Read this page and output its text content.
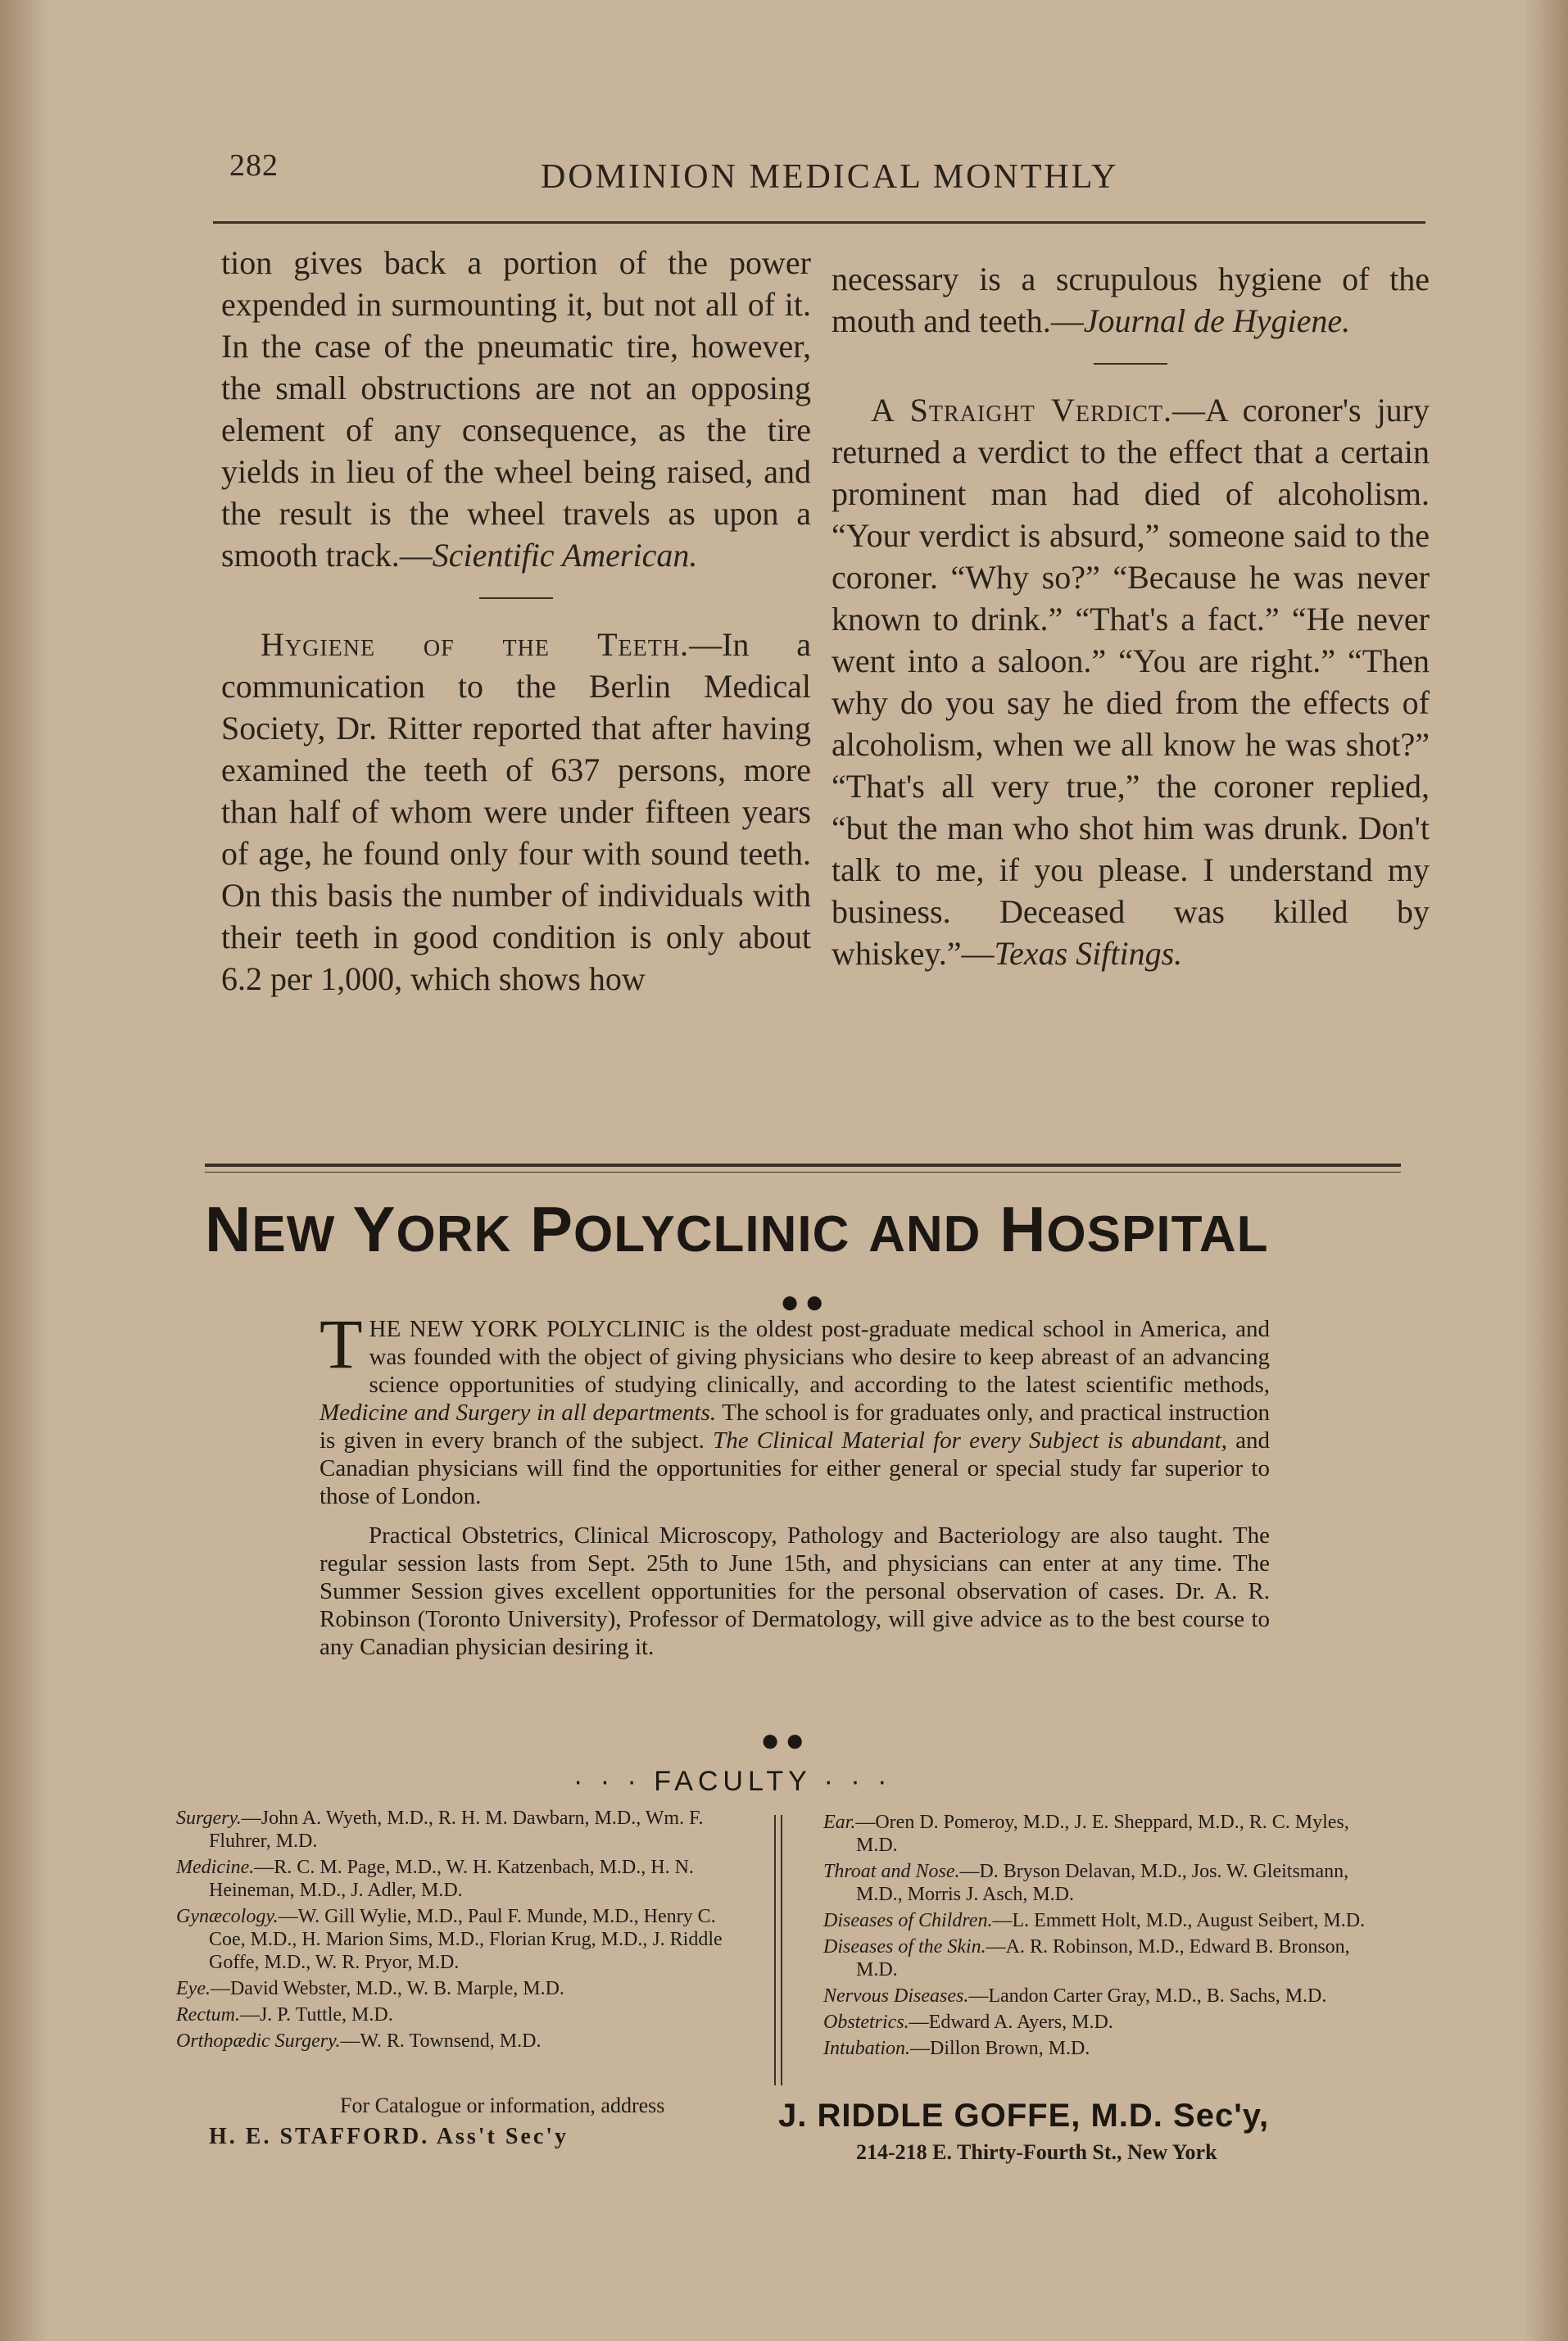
282	DOMINION MEDICAL MONTHLY

tion gives back a portion of the power expended in surmounting it, but not all of it. In the case of the pneumatic tire, however, the small obstructions are not an opposing element of any consequence, as the tire yields in lieu of the wheel being raised, and the result is the wheel travels as upon a smooth track.—Scientific American.

Hygiene of the Teeth.—In a communication to the Berlin Medical Society, Dr. Ritter reported that after having examined the teeth of 637 persons, more than half of whom were under fifteen years of age, he found only four with sound teeth. On this basis the number of individuals with their teeth in good condition is only about 6.2 per 1,000, which shows how

necessary is a scrupulous hygiene of the mouth and teeth.—Journal de Hygiene.

A Straight Verdict.—A coroner's jury returned a verdict to the effect that a certain prominent man had died of alcoholism. “Your verdict is absurd,” someone said to the coroner. “Why so?” “Because he was never known to drink.” “That's a fact.” “He never went into a saloon.” “You are right.” “Then why do you say he died from the effects of alcoholism, when we all know he was shot?” “That's all very true,” the coroner replied, “but the man who shot him was drunk. Don't talk to me, if you please. I understand my business. Deceased was killed by whiskey.”—Texas Siftings.

NEW YORK POLYCLINIC AND HOSPITAL
●●

THE NEW YORK POLYCLINIC is the oldest post-graduate medical school in America, and was founded with the object of giving physicians who desire to keep abreast of an advancing science opportunities of studying clinically, and according to the latest scientific methods, Medicine and Surgery in all departments. The school is for graduates only, and practical instruction is given in every branch of the subject. The Clinical Material for every Subject is abundant, and Canadian physicians will find the opportunities for either general or special study far superior to those of London.

Practical Obstetrics, Clinical Microscopy, Pathology and Bacteriology are also taught. The regular session lasts from Sept. 25th to June 15th, and physicians can enter at any time. The Summer Session gives excellent opportunities for the personal observation of cases. Dr. A. R. Robinson (Toronto University), Professor of Dermatology, will give advice as to the best course to any Canadian physician desiring it.

●●
· · · FACULTY · · ·
Surgery.—John A. Wyeth, M.D., R. H. M. Dawbarn, M.D., Wm. F. Fluhrer, M.D.
Medicine.—R. C. M. Page, M.D., W. H. Katzenbach, M.D., H. N. Heineman, M.D., J. Adler, M.D.
Gynæcology.—W. Gill Wylie, M.D., Paul F. Munde, M.D., Henry C. Coe, M.D., H. Marion Sims, M.D., Florian Krug, M.D., J. Riddle Goffe, M.D., W. R. Pryor, M.D.
Eye.—David Webster, M.D., W. B. Marple, M.D.
Rectum.—J. P. Tuttle, M.D.
Orthopædic Surgery.—W. R. Townsend, M.D.
Ear.—Oren D. Pomeroy, M.D., J. E. Sheppard, M.D., R. C. Myles, M.D.
Throat and Nose.—D. Bryson Delavan, M.D., Jos. W. Gleitsmann, M.D., Morris J. Asch, M.D.
Diseases of Children.—L. Emmett Holt, M.D., August Seibert, M.D.
Diseases of the Skin.—A. R. Robinson, M.D., Edward B. Bronson, M.D.
Nervous Diseases.—Landon Carter Gray, M.D., B. Sachs, M.D.
Obstetrics.—Edward A. Ayers, M.D.
Intubation.—Dillon Brown, M.D.
For Catalogue or information, address
H. E. STAFFORD. Ass't Sec'y
J. RIDDLE GOFFE, M.D. Sec'y,
214-218 E. Thirty-Fourth St., New York
